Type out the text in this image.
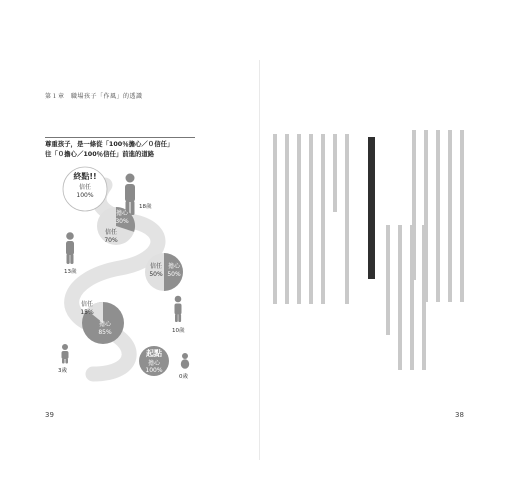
第１章　職場孩子「作風」的透識
尊重孩子，是一條從「100％擔心／０信任」
往「０擔心／100％信任」前進的道路
終點!!
信任
100%
18歲
擔心
30%
信任
70%
13歲
信任
50%
擔心
50%
10歲
信任
15%
擔心
85%
3歲
起點
擔心
100%
0歲
39	38
